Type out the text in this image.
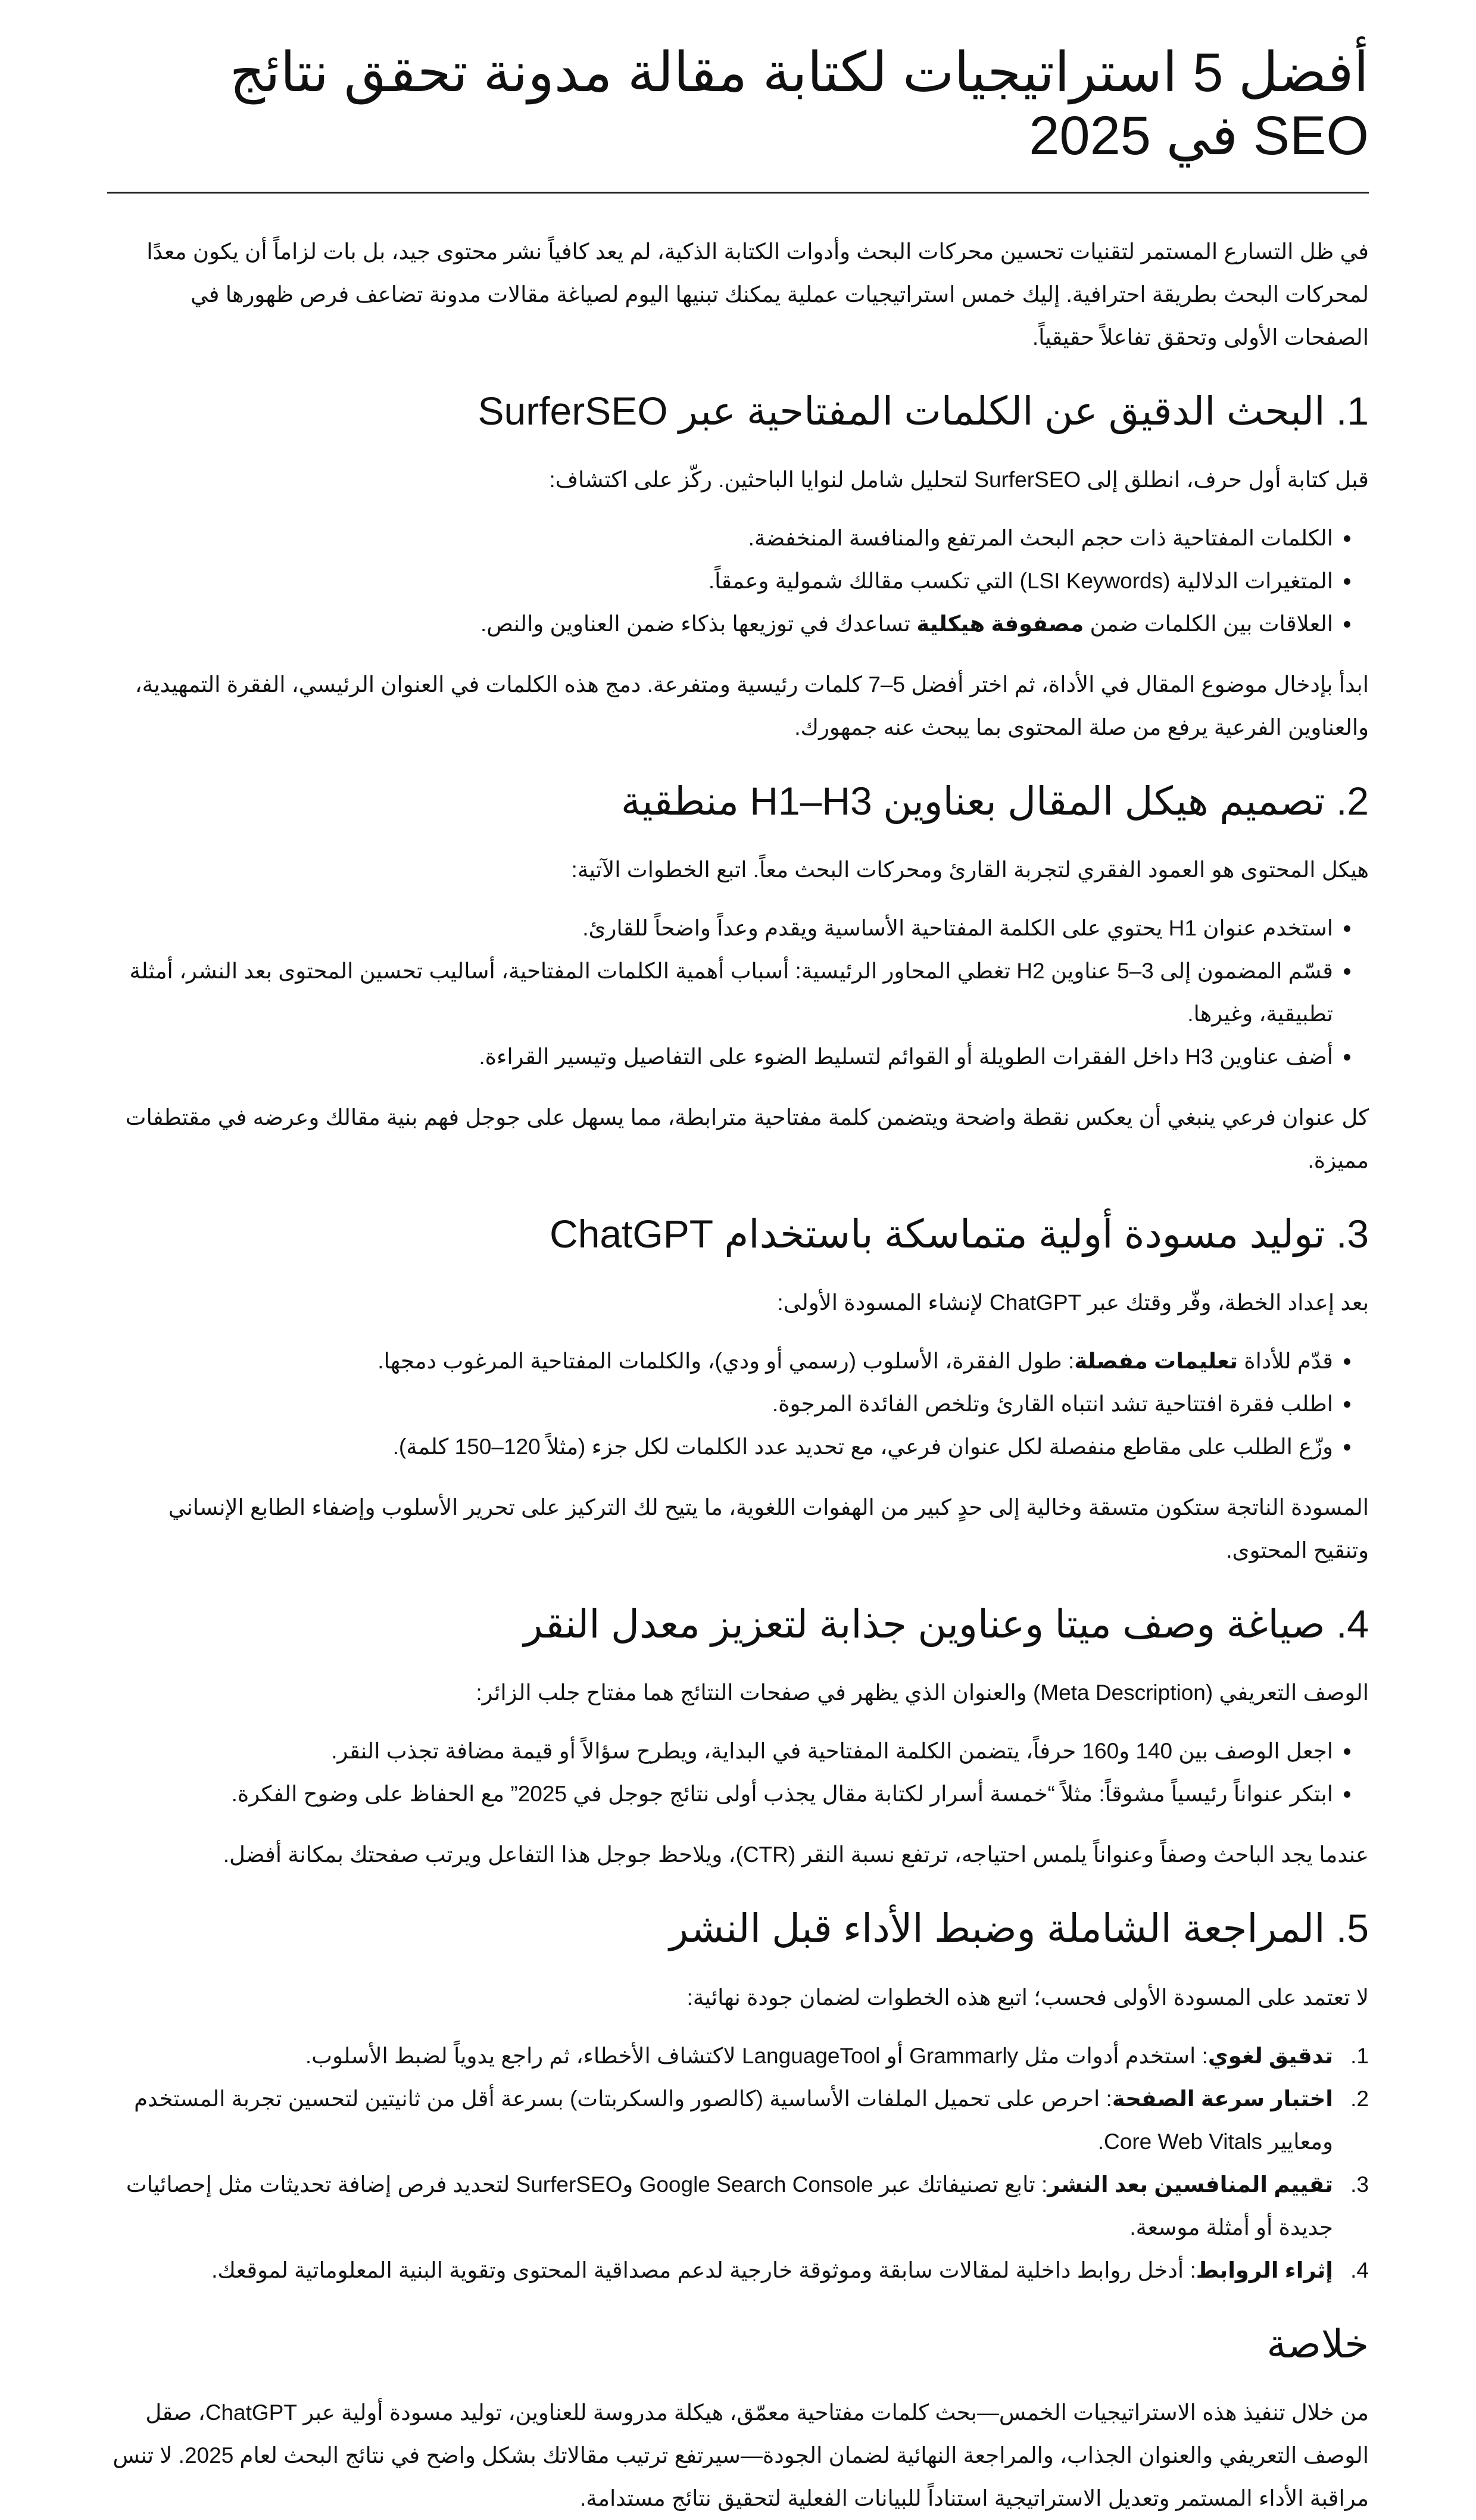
أفضل 5 استراتيجيات لكتابة مقالة مدونة تحقق نتائج SEO في 2025

في ظل التسارع المستمر لتقنيات تحسين محركات البحث وأدوات الكتابة الذكية، لم يعد كافياً نشر محتوى جيد، بل بات لزاماً أن يكون معدًا لمحركات البحث بطريقة احترافية. إليك خمس استراتيجيات عملية يمكنك تبنيها اليوم لصياغة مقالات مدونة تضاعف فرص ظهورها في الصفحات الأولى وتحقق تفاعلاً حقيقياً.

1. البحث الدقيق عن الكلمات المفتاحية عبر SurferSEO

قبل كتابة أول حرف، انطلق إلى SurferSEO لتحليل شامل لنوايا الباحثين. ركّز على اكتشاف:

• الكلمات المفتاحية ذات حجم البحث المرتفع والمنافسة المنخفضة.
• المتغيرات الدلالية (LSI Keywords) التي تكسب مقالك شمولية وعمقاً.
• العلاقات بين الكلمات ضمن مصفوفة هيكلية تساعدك في توزيعها بذكاء ضمن العناوين والنص.

ابدأ بإدخال موضوع المقال في الأداة، ثم اختر أفضل 5–7 كلمات رئيسية ومتفرعة. دمج هذه الكلمات في العنوان الرئيسي، الفقرة التمهيدية، والعناوين الفرعية يرفع من صلة المحتوى بما يبحث عنه جمهورك.

2. تصميم هيكل المقال بعناوين H1–H3 منطقية

هيكل المحتوى هو العمود الفقري لتجربة القارئ ومحركات البحث معاً. اتبع الخطوات الآتية:

• استخدم عنوان H1 يحتوي على الكلمة المفتاحية الأساسية ويقدم وعداً واضحاً للقارئ.
• قسّم المضمون إلى 3–5 عناوين H2 تغطي المحاور الرئيسية: أسباب أهمية الكلمات المفتاحية، أساليب تحسين المحتوى بعد النشر، أمثلة تطبيقية، وغيرها.
• أضف عناوين H3 داخل الفقرات الطويلة أو القوائم لتسليط الضوء على التفاصيل وتيسير القراءة.

كل عنوان فرعي ينبغي أن يعكس نقطة واضحة ويتضمن كلمة مفتاحية مترابطة، مما يسهل على جوجل فهم بنية مقالك وعرضه في مقتطفات مميزة.

3. توليد مسودة أولية متماسكة باستخدام ChatGPT

بعد إعداد الخطة، وفّر وقتك عبر ChatGPT لإنشاء المسودة الأولى:

• قدّم للأداة تعليمات مفصلة: طول الفقرة، الأسلوب (رسمي أو ودي)، والكلمات المفتاحية المرغوب دمجها.
• اطلب فقرة افتتاحية تشد انتباه القارئ وتلخص الفائدة المرجوة.
• وزّع الطلب على مقاطع منفصلة لكل عنوان فرعي، مع تحديد عدد الكلمات لكل جزء (مثلاً 120–150 كلمة).

المسودة الناتجة ستكون متسقة وخالية إلى حدٍ كبير من الهفوات اللغوية، ما يتيح لك التركيز على تحرير الأسلوب وإضفاء الطابع الإنساني وتنقيح المحتوى.

4. صياغة وصف ميتا وعناوين جذابة لتعزيز معدل النقر

الوصف التعريفي (Meta Description) والعنوان الذي يظهر في صفحات النتائج هما مفتاح جلب الزائر:

• اجعل الوصف بين 140 و160 حرفاً، يتضمن الكلمة المفتاحية في البداية، ويطرح سؤالاً أو قيمة مضافة تجذب النقر.
• ابتكر عنواناً رئيسياً مشوقاً: مثلاً “خمسة أسرار لكتابة مقال يجذب أولى نتائج جوجل في 2025” مع الحفاظ على وضوح الفكرة.

عندما يجد الباحث وصفاً وعنواناً يلمس احتياجه، ترتفع نسبة النقر (CTR)، ويلاحظ جوجل هذا التفاعل ويرتب صفحتك بمكانة أفضل.

5. المراجعة الشاملة وضبط الأداء قبل النشر

لا تعتمد على المسودة الأولى فحسب؛ اتبع هذه الخطوات لضمان جودة نهائية:

1.
تدقيق لغوي: استخدم أدوات مثل Grammarly أو LanguageTool لاكتشاف الأخطاء، ثم راجع يدوياً لضبط الأسلوب.
2.
اختبار سرعة الصفحة: احرص على تحميل الملفات الأساسية (كالصور والسكربتات) بسرعة أقل من ثانيتين لتحسين تجربة المستخدم ومعايير Core Web Vitals.
3.
تقييم المنافسين بعد النشر: تابع تصنيفاتك عبر Google Search Console وSurferSEO لتحديد فرص إضافة تحديثات مثل إحصائيات جديدة أو أمثلة موسعة.
4.
إثراء الروابط: أدخل روابط داخلية لمقالات سابقة وموثوقة خارجية لدعم مصداقية المحتوى وتقوية البنية المعلوماتية لموقعك.
خلاصة

من خلال تنفيذ هذه الاستراتيجيات الخمس—بحث كلمات مفتاحية معمّق، هيكلة مدروسة للعناوين، توليد مسودة أولية عبر ChatGPT، صقل الوصف التعريفي والعنوان الجذاب، والمراجعة النهائية لضمان الجودة—سيرتفع ترتيب مقالاتك بشكل واضح في نتائج البحث لعام 2025. لا تنس مراقبة الأداء المستمر وتعديل الاستراتيجية استناداً للبيانات الفعلية لتحقيق نتائج مستدامة.
